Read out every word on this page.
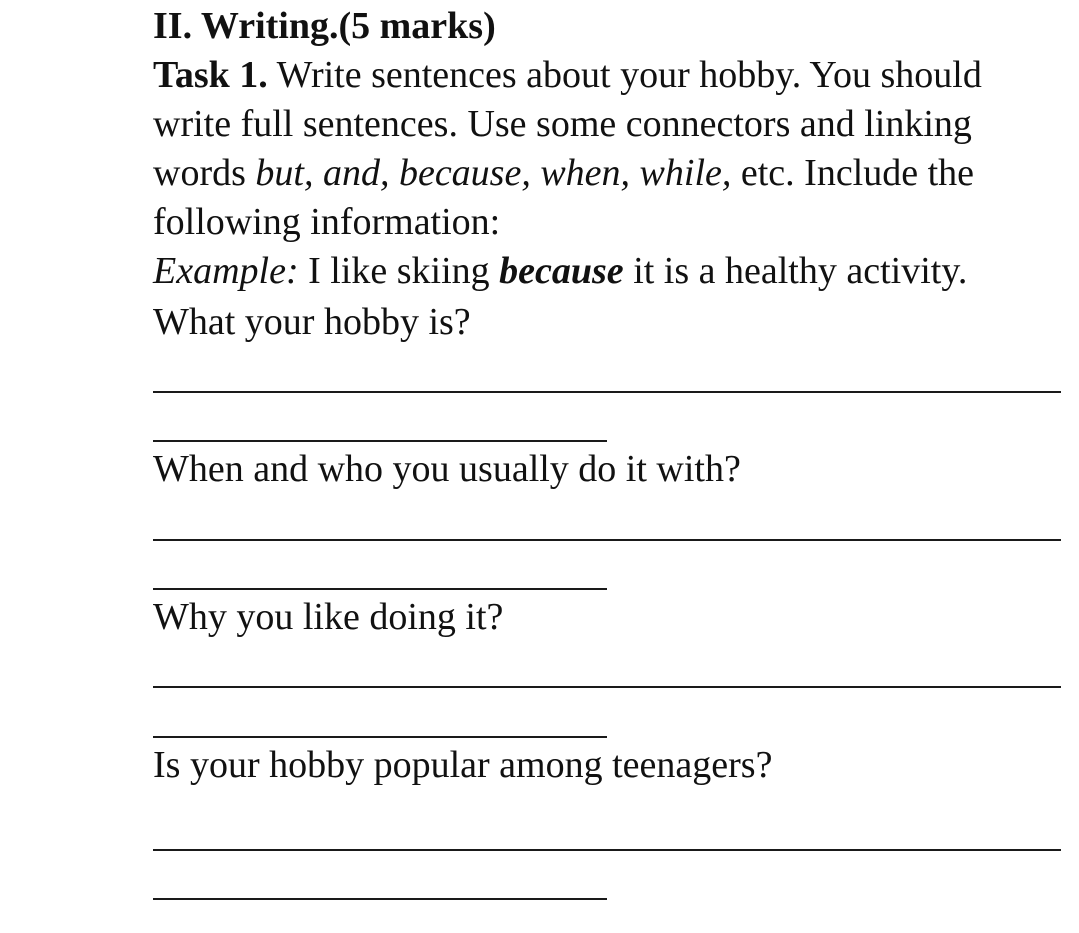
II. Writing.(5 marks)
Task 1. Write sentences about your hobby. You should
write full sentences. Use some connectors and linking
words but, and, because, when, while, etc. Include the
following information:
Example: I like skiing because it is a healthy activity.
What your hobby is?
When and who you usually do it with?
Why you like doing it?
Is your hobby popular among teenagers?
